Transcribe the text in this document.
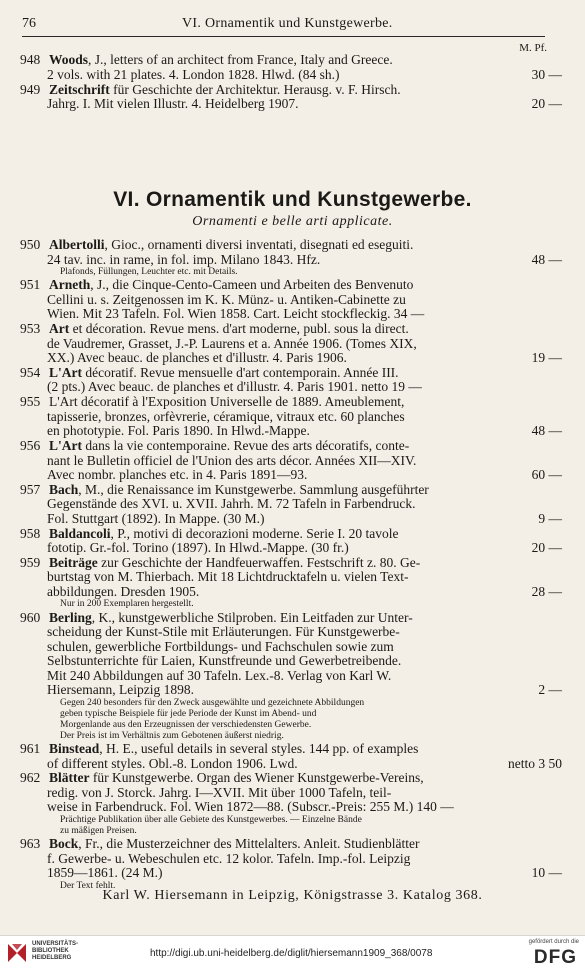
76	VI. Ornamentik und Kunstgewerbe.
M. Pf.
948 Woods, J., letters of an architect from France, Italy and Greece.
2 vols. with 21 plates. 4. London 1828. Hlwd. (84 sh.)	30 —
949 Zeitschrift für Geschichte der Architektur. Herausg. v. F. Hirsch.
Jahrg. I. Mit vielen Illustr. 4. Heidelberg 1907.	20 —
VI. Ornamentik und Kunstgewerbe.
Ornamenti e belle arti applicate.
950 Albertolli, Gioc., ornamenti diversi inventati, disegnati ed eseguiti.
24 tav. inc. in rame, in fol. imp. Milano 1843. Hfz.	48 —
Plafonds, Füllungen, Leuchter etc. mit Details.
951 Arneth, J., die Cinque-Cento-Cameen und Arbeiten des Benvenuto
Cellini u. s. Zeitgenossen im K. K. Münz- u. Antiken-Cabinette zu
Wien. Mit 23 Tafeln. Fol. Wien 1858. Cart. Leicht stockfleckig. 34 —
953 Art et décoration. Revue mens. d'art moderne, publ. sous la direct.
de Vaudremer, Grasset, J.-P. Laurens et a. Année 1906. (Tomes XIX,
XX.) Avec beauc. de planches et d'illustr. 4. Paris 1906.	19 —
954 L'Art décoratif. Revue mensuelle d'art contemporain. Année III.
(2 pts.) Avec beauc. de planches et d'illustr. 4. Paris 1901. netto 19 —
955 L'Art décoratif à l'Exposition Universelle de 1889. Ameublement,
tapisserie, bronzes, orfèvrerie, céramique, vitraux etc. 60 planches
en phototypie. Fol. Paris 1890. In Hlwd.-Mappe.	48 —
956 L'Art dans la vie contemporaine. Revue des arts décoratifs, conte-
nant le Bulletin officiel de l'Union des arts décor. Années XII—XIV.
Avec nombr. planches etc. in 4. Paris 1891—93.	60 —
957 Bach, M., die Renaissance im Kunstgewerbe. Sammlung ausgeführter
Gegenstände des XVI. u. XVII. Jahrh. M. 72 Tafeln in Farbendruck.
Fol. Stuttgart (1892). In Mappe. (30 M.)	9 —
958 Baldancoli, P., motivi di decorazioni moderne. Serie I. 20 tavole
fototip. Gr.-fol. Torino (1897). In Hlwd.-Mappe. (30 fr.)	20 —
959 Beiträge zur Geschichte der Handfeuerwaffen. Festschrift z. 80. Ge-
burtstag von M. Thierbach. Mit 18 Lichtdrucktafeln u. vielen Text-
abbildungen. Dresden 1905.	28 —
Nur in 200 Exemplaren hergestellt.
960 Berling, K., kunstgewerbliche Stilproben. Ein Leitfaden zur Unter-
scheidung der Kunst-Stile mit Erläuterungen. Für Kunstgewerbe-
schulen, gewerbliche Fortbildungs- und Fachschulen sowie zum
Selbstunterrichte für Laien, Kunstfreunde und Gewerbetreibende.
Mit 240 Abbildungen auf 30 Tafeln. Lex.-8. Verlag von Karl W.
Hiersemann, Leipzig 1898.	2 —
Gegen 240 besonders für den Zweck ausgewählte und gezeichnete Abbildungen
geben typische Beispiele für jede Periode der Kunst im Abend- und
Morgenlande aus den Erzeugnissen der verschiedensten Gewerbe.
Der Preis ist im Verhältnis zum Gebotenen äußerst niedrig.
961 Binstead, H. E., useful details in several styles. 144 pp. of examples
of different styles. Obl.-8. London 1906. Lwd.	netto 3 50
962 Blätter für Kunstgewerbe. Organ des Wiener Kunstgewerbe-Vereins,
redig. von J. Storck. Jahrg. I—XVII. Mit über 1000 Tafeln, teil-
weise in Farbendruck. Fol. Wien 1872—88. (Subscr.-Preis: 255 M.) 140 —
Prächtige Publikation über alle Gebiete des Kunstgewerbes. — Einzelne Bände
zu mäßigen Preisen.
963 Bock, Fr., die Musterzeichner des Mittelalters. Anleit. Studienblätter
f. Gewerbe- u. Webeschulen etc. 12 kolor. Tafeln. Imp.-fol. Leipzig
1859—1861. (24 M.)	10 —
Der Text fehlt.
Karl W. Hiersemann in Leipzig, Königstrasse 3. Katalog 368.
UNIVERSITÄTS-
BIBLIOTHEK
HEIDELBERG	http://digi.ub.uni-heidelberg.de/diglit/hiersemann1909_368/0078
gefördert durch die
DFG
